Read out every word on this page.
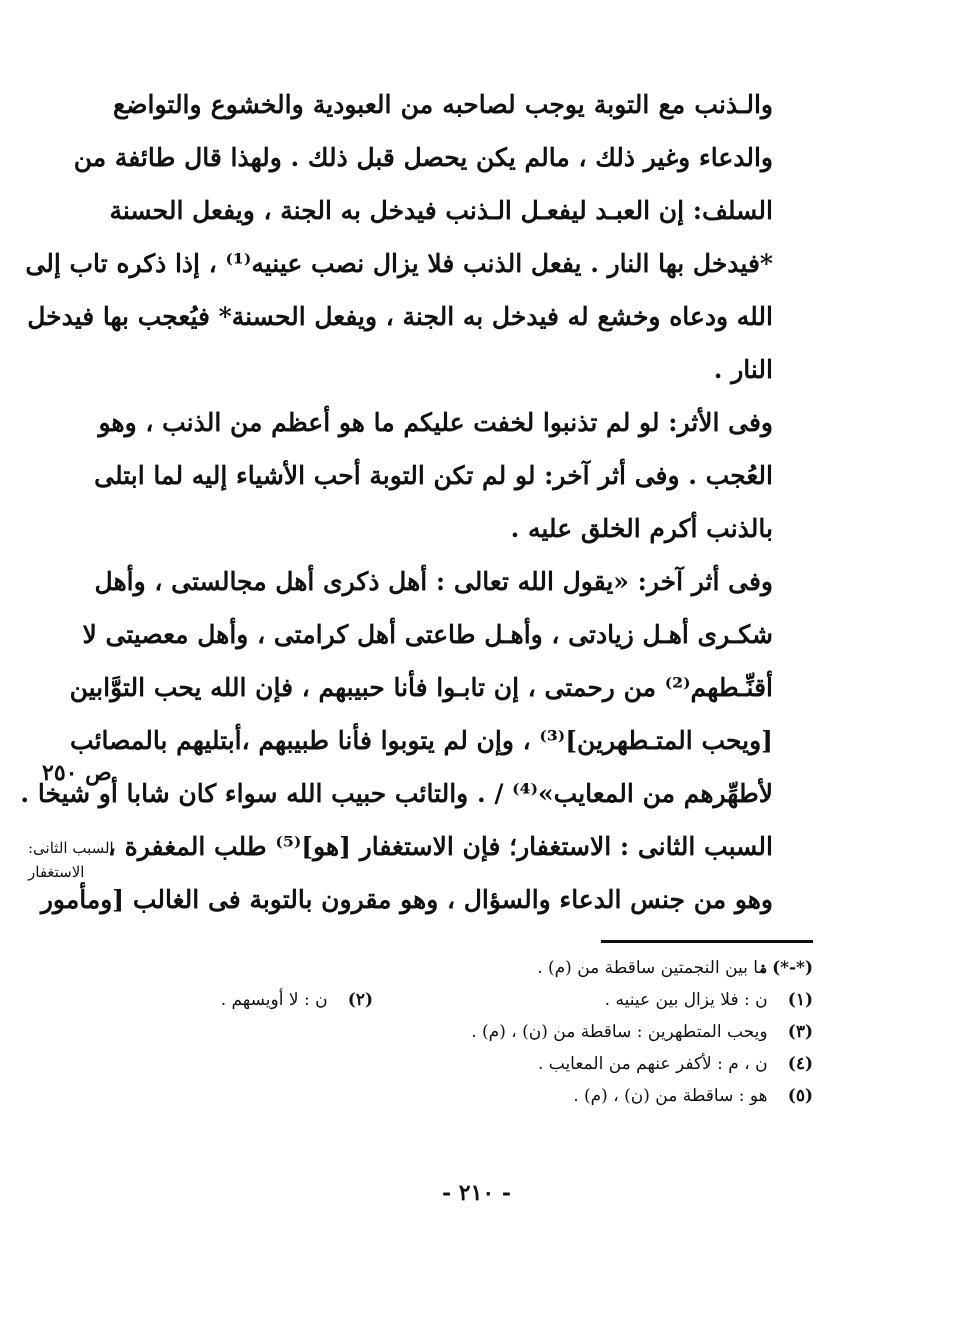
والـذنب مع التوبة يوجب لصاحبه من العبودية والخشوع والتواضع
والدعاء وغير ذلك ، مالم يكن يحصل قبل ذلك . ولهذا قال طائفة من
السلف: إن العبـد ليفعـل الـذنب فيدخل به الجنة ، ويفعل الحسنة
*فيدخل بها النار . يفعل الذنب فلا يزال نصب عينيه⁽¹⁾ ، إذا ذكره تاب إلى
الله ودعاه وخشع له فيدخل به الجنة ، ويفعل الحسنة* فيُعجب بها فيدخل
النار .

وفى الأثر: لو لم تذنبوا لخفت عليكم ما هو أعظم من الذنب ، وهو
العُجب . وفى أثر آخر: لو لم تكن التوبة أحب الأشياء إليه لما ابتلى
بالذنب أكرم الخلق عليه .

وفى أثر آخر: «يقول الله تعالى : أهل ذكرى أهل مجالستى ، وأهل
شكـرى أهـل زيادتى ، وأهـل طاعتى أهل كرامتى ، وأهل معصيتى لا
أقنِّـطهم⁽²⁾ من رحمتى ، إن تابـوا فأنا حبيبهم ، فإن الله يحب التوَّابين
[ويحب المتـطهرين]⁽³⁾ ، وإن لم يتوبوا فأنا طبيبهم ،أبتليهم بالمصائب
لأطهِّرهم من المعايب»⁽⁴⁾ / . والتائب حبيب الله سواء كان شابا أو شيخا .

السبب الثانى : الاستغفار؛ فإن الاستغفار [هو]⁽⁵⁾ طلب المغفرة ،
وهو من جنس الدعاء والسؤال ، وهو مقرون بالتوبة فى الغالب [ومأمور

ص ٢٥٠
السبب الثانى:
الاستغفار
(*-*) : ما بين النجمتين ساقطة من (م) .
(١) ن : فلا يزال بين عينيه .
(٢) ن : لا أويسهم .
(٣) ويحب المتطهرين : ساقطة من (ن) ، (م) .
(٤) ن ، م : لأكفر عنهم من المعايب .
(٥) هو : ساقطة من (ن) ، (م) .
- ٢١٠ -
